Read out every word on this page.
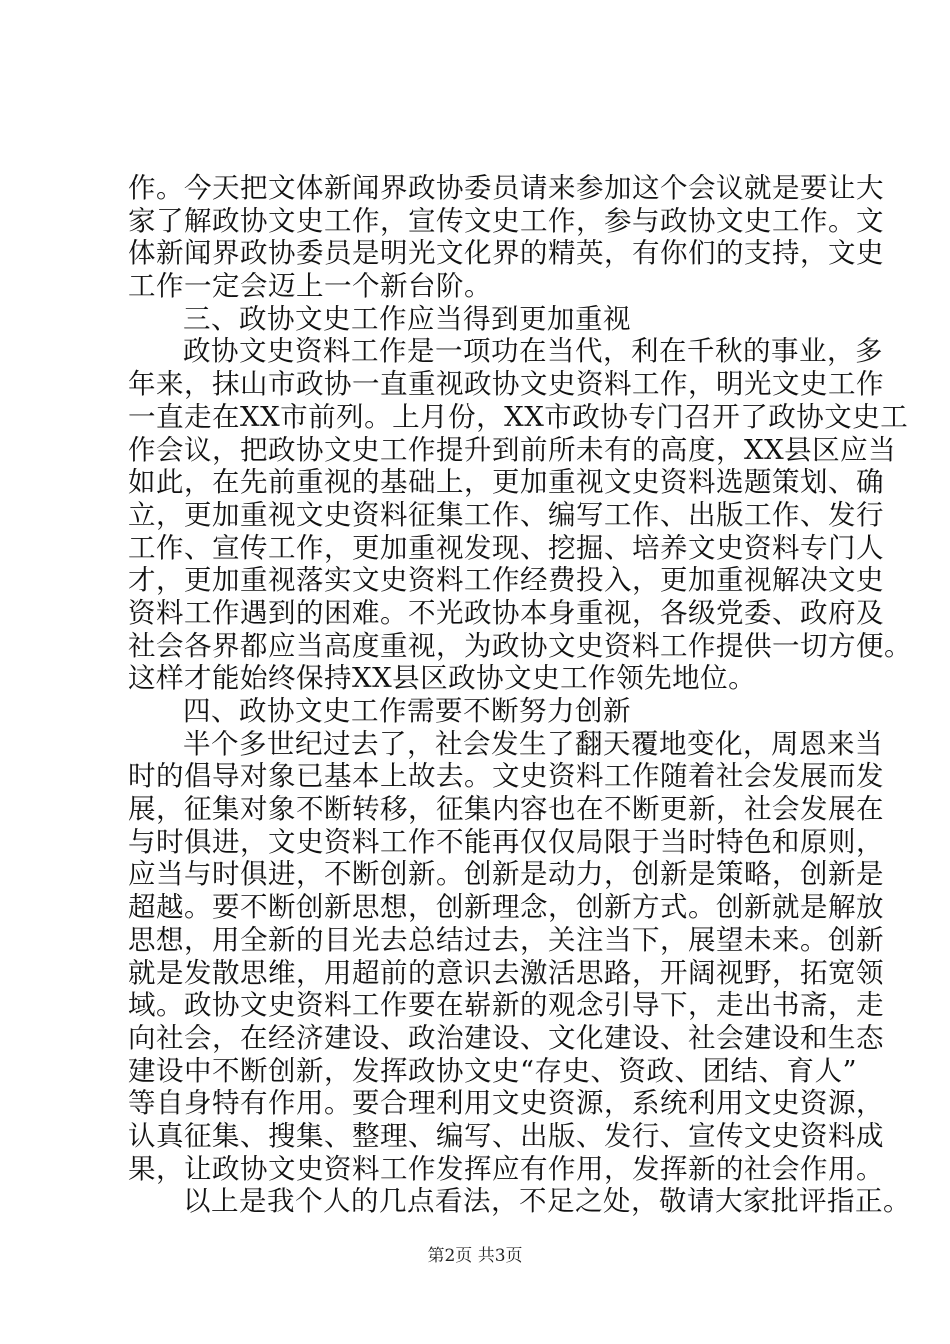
作。今天把文体新闻界政协委员请来参加这个会议就是要让大
家了解政协文史工作，宣传文史工作，参与政协文史工作。文
体新闻界政协委员是明光文化界的精英，有你们的支持，文史
工作一定会迈上一个新台阶。
三、政协文史工作应当得到更加重视
政协文史资料工作是一项功在当代，利在千秋的事业，多
年来，抹山市政协一直重视政协文史资料工作，明光文史工作
一直走在XX市前列。上月份，XX市政协专门召开了政协文史工
作会议，把政协文史工作提升到前所未有的高度，XX县区应当
如此，在先前重视的基础上，更加重视文史资料选题策划、确
立，更加重视文史资料征集工作、编写工作、出版工作、发行
工作、宣传工作，更加重视发现、挖掘、培养文史资料专门人
才，更加重视落实文史资料工作经费投入，更加重视解决文史
资料工作遇到的困难。不光政协本身重视，各级党委、政府及
社会各界都应当高度重视，为政协文史资料工作提供一切方便。
这样才能始终保持XX县区政协文史工作领先地位。
四、政协文史工作需要不断努力创新
半个多世纪过去了，社会发生了翻天覆地变化，周恩来当
时的倡导对象已基本上故去。文史资料工作随着社会发展而发
展，征集对象不断转移，征集内容也在不断更新，社会发展在
与时俱进，文史资料工作不能再仅仅局限于当时特色和原则，
应当与时俱进，不断创新。创新是动力，创新是策略，创新是
超越。要不断创新思想，创新理念，创新方式。创新就是解放
思想，用全新的目光去总结过去，关注当下，展望未来。创新
就是发散思维，用超前的意识去激活思路，开阔视野，拓宽领
域。政协文史资料工作要在崭新的观念引导下，走出书斋，走
向社会，在经济建设、政治建设、文化建设、社会建设和生态
建设中不断创新，发挥政协文史“存史、资政、团结、育人”
等自身特有作用。要合理利用文史资源，系统利用文史资源，
认真征集、搜集、整理、编写、出版、发行、宣传文史资料成
果，让政协文史资料工作发挥应有作用，发挥新的社会作用。
以上是我个人的几点看法，不足之处，敬请大家批评指正。
第2页 共3页
